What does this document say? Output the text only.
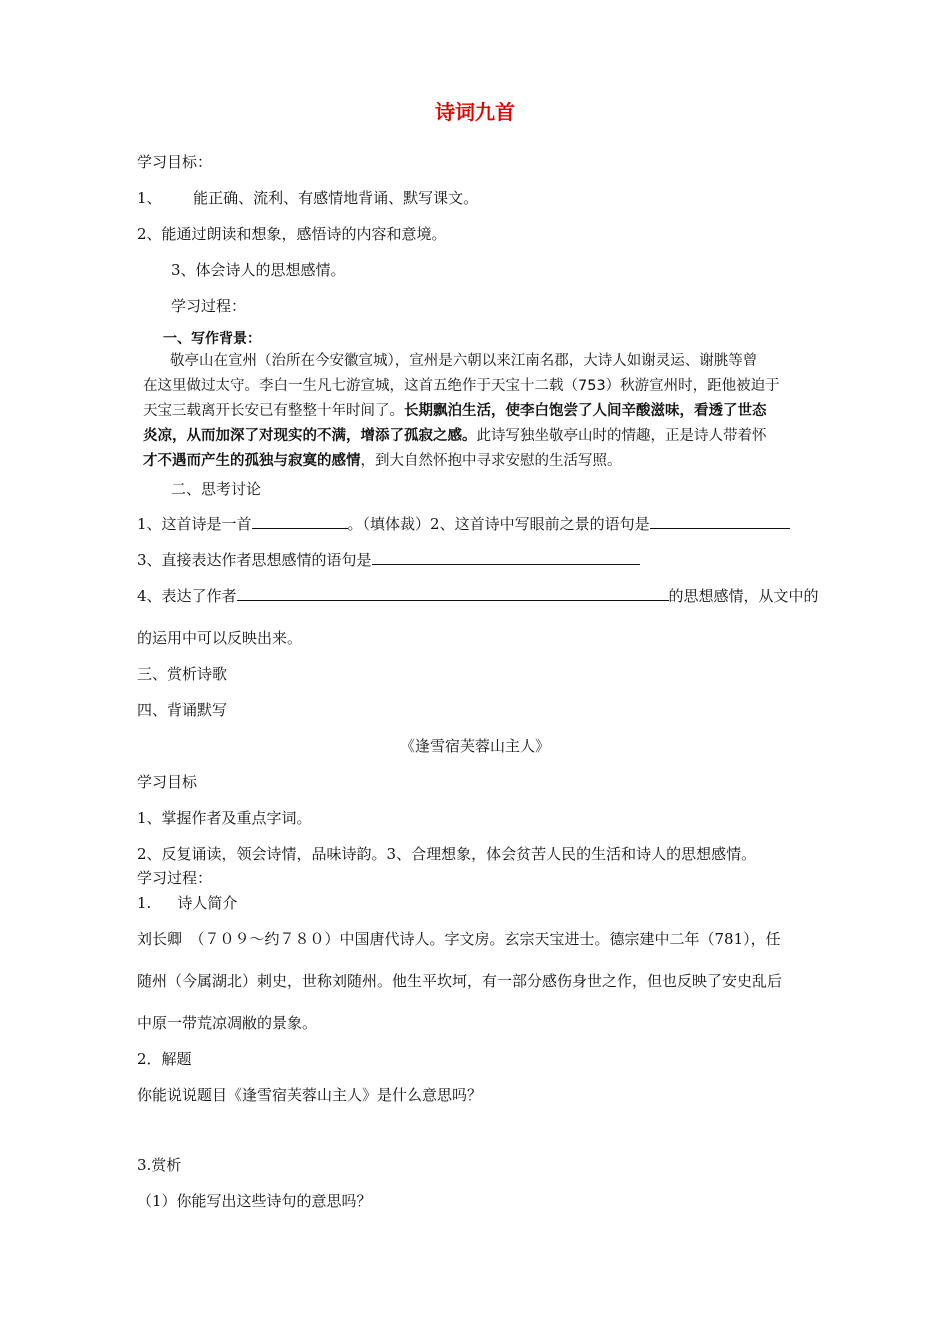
诗词九首
学习目标：
1、 能正确、流利、有感情地背诵、默写课文。
2、能通过朗读和想象，感悟诗的内容和意境。
3、体会诗人的思想感情。
学习过程：
一、写作背景：
敬亭山在宣州（治所在今安徽宣城），宣州是六朝以来江南名郡，大诗人如谢灵运、谢朓等曾
在这里做过太守。李白一生凡七游宣城，这首五绝作于天宝十二载（753）秋游宣州时，距他被迫于
天宝三载离开长安已有整整十年时间了。长期飘泊生活，使李白饱尝了人间辛酸滋味，看透了世态
炎凉，从而加深了对现实的不满，增添了孤寂之感。此诗写独坐敬亭山时的情趣，正是诗人带着怀
才不遇而产生的孤独与寂寞的感情，到大自然怀抱中寻求安慰的生活写照。
二、思考讨论
1、这首诗是一首	。（填体裁）2、这首诗中写眼前之景的语句是
3、直接表达作者思想感情的语句是
4、表达了作者	的思想感情，从文中的
的运用中可以反映出来。
三、赏析诗歌
四、背诵默写
《逢雪宿芙蓉山主人》
学习目标
1、掌握作者及重点字词。
2、反复诵读，领会诗情，品味诗韵。3、合理想象，体会贫苦人民的生活和诗人的思想感情。
学习过程：
1. 诗人简介
刘长卿　（７０９～约７８０）中国唐代诗人。字文房。玄宗天宝进士。德宗建中二年（781），任
随州（今属湖北）刺史，世称刘随州。他生平坎坷，有一部分感伤身世之作，但也反映了安史乱后
中原一带荒凉凋敝的景象。
2．解题
你能说说题目《逢雪宿芙蓉山主人》是什么意思吗？
3.赏析
（1）你能写出这些诗句的意思吗？
